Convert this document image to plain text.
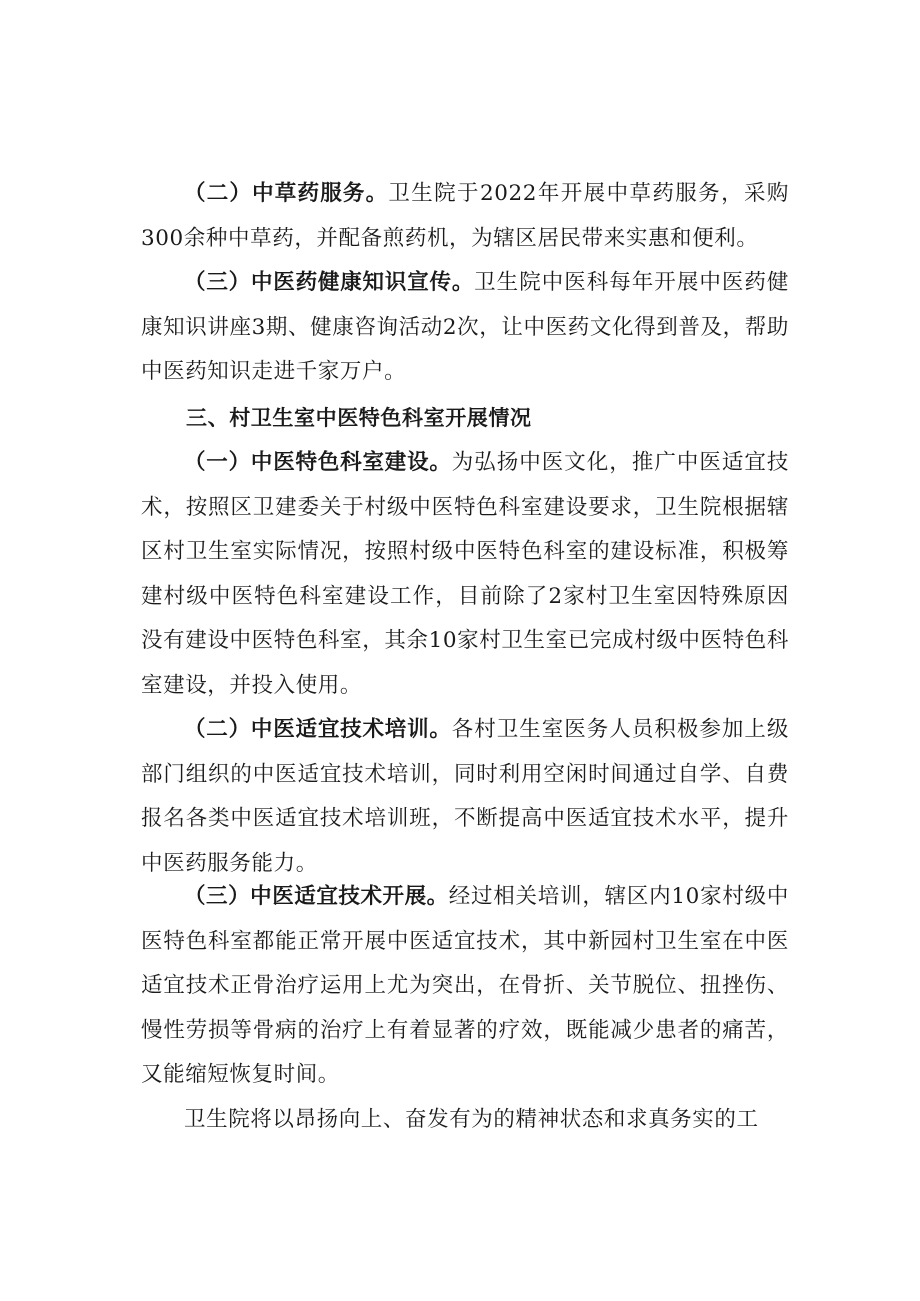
（二）中草药服务。卫生院于2022年开展中草药服务，采购300余种中草药，并配备煎药机，为辖区居民带来实惠和便利。

（三）中医药健康知识宣传。卫生院中医科每年开展中医药健康知识讲座3期、健康咨询活动2次，让中医药文化得到普及，帮助中医药知识走进千家万户。

三、村卫生室中医特色科室开展情况

（一）中医特色科室建设。为弘扬中医文化，推广中医适宜技术，按照区卫建委关于村级中医特色科室建设要求，卫生院根据辖区村卫生室实际情况，按照村级中医特色科室的建设标准，积极筹建村级中医特色科室建设工作，目前除了2家村卫生室因特殊原因没有建设中医特色科室，其余10家村卫生室已完成村级中医特色科室建设，并投入使用。

（二）中医适宜技术培训。各村卫生室医务人员积极参加上级部门组织的中医适宜技术培训，同时利用空闲时间通过自学、自费报名各类中医适宜技术培训班，不断提高中医适宜技术水平，提升中医药服务能力。

（三）中医适宜技术开展。经过相关培训，辖区内10家村级中医特色科室都能正常开展中医适宜技术，其中新园村卫生室在中医适宜技术正骨治疗运用上尤为突出，在骨折、关节脱位、扭挫伤、慢性劳损等骨病的治疗上有着显著的疗效，既能减少患者的痛苦，又能缩短恢复时间。

卫生院将以昂扬向上、奋发有为的精神状态和求真务实的工
